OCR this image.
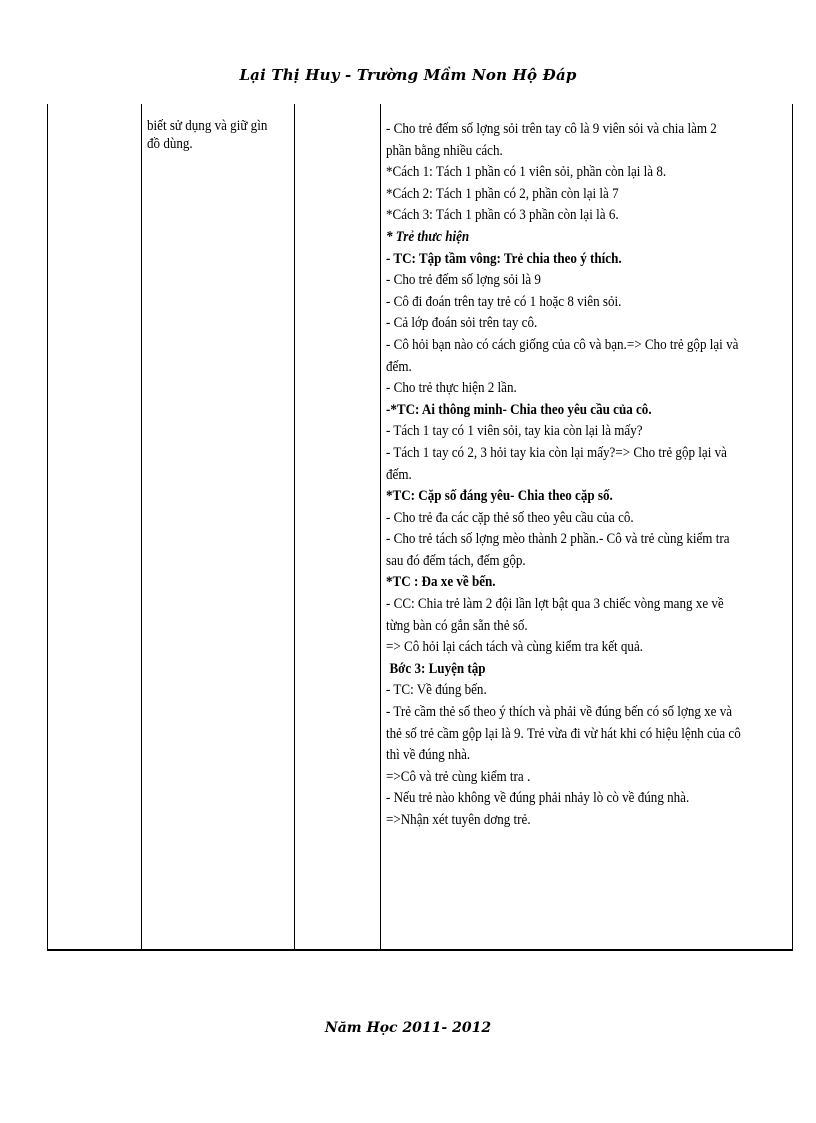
Lại Thị Huy - Trường Mầm Non Hộ Đáp
biết sử dụng và giữ gìn
đồ dùng.
- Cho trẻ đếm số lợng sỏi trên tay cô là 9 viên sỏi và chia làm 2
phần bằng nhiều cách.
*Cách 1: Tách 1 phần có 1 viên sỏi, phần còn lại là 8.
*Cách 2: Tách 1 phần có 2, phần còn lại là 7
*Cách 3: Tách 1 phần có 3 phần còn lại là 6.
* Trẻ thưc hiện
- TC: Tập tầm vông: Trẻ chia theo ý thích.
- Cho trẻ đếm số lợng sỏi là 9
- Cô đi đoán trên tay trẻ có 1 hoặc 8 viên sỏi.
- Cả lớp đoán sỏi trên tay cô.
- Cô hỏi bạn nào có cách giống của cô và bạn.=> Cho trẻ gộp lại và
đếm.
- Cho trẻ thực hiện 2 lần.
-*TC: Ai thông minh- Chia theo yêu cầu của cô.
- Tách 1 tay có 1 viên sỏi, tay kia còn lại là mấy?
- Tách 1 tay có 2, 3 hỏi tay kia còn lại mấy?=> Cho trẻ gộp lại và
đếm.
*TC: Cặp số đáng yêu- Chia theo cặp số.
- Cho trẻ đa các cặp thẻ số theo yêu cầu của cô.
- Cho trẻ tách số lợng mèo thành 2 phần.- Cô và trẻ cùng kiểm tra
sau đó đếm tách, đếm gộp.
*TC : Đa xe về bến.
- CC: Chia trẻ làm 2 đội lần lợt bật qua 3 chiếc vòng mang xe về
từng bàn có gắn sẵn thẻ số.
=> Cô hỏi lại cách tách và cùng kiểm tra kết quả.
Bớc 3: Luyện tập
- TC: Về đúng bến.
- Trẻ cầm thẻ số theo ý thích và phải về đúng bến có số lợng xe và
thẻ số trẻ cầm gộp lại là 9. Trẻ vừa đi vừ hát khi có hiệu lệnh của cô
thì về đúng nhà.
=>Cô và trẻ cùng kiểm tra .
- Nếu trẻ nào không về đúng phải nhảy lò cò về đúng nhà.
=>Nhận xét tuyên dơng trẻ.
Năm Học 2011- 2012
